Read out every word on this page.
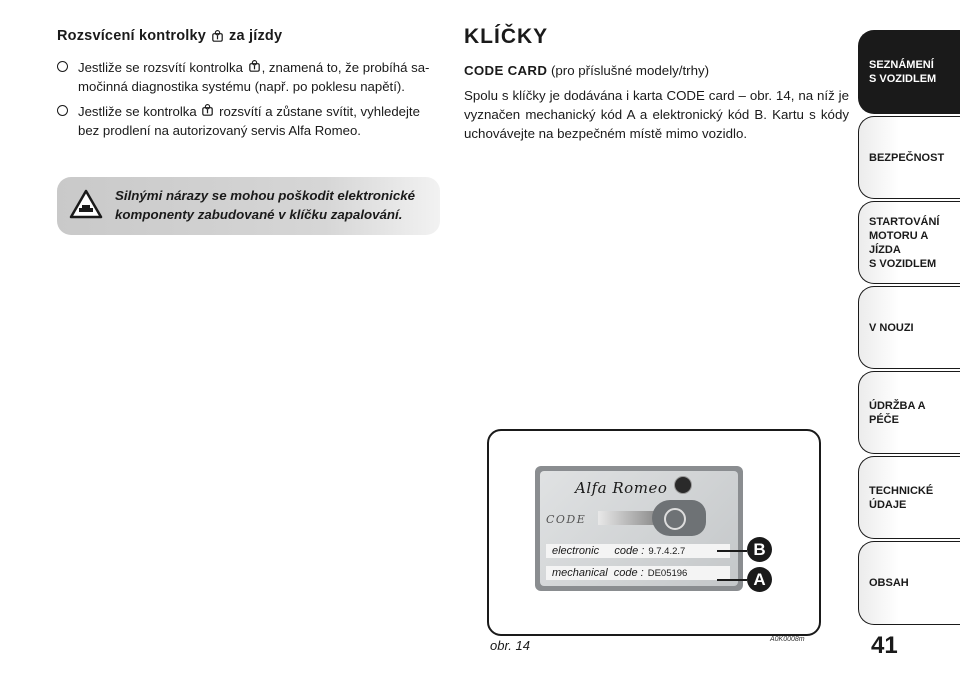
Rozsvícení kontrolky za jízdy
Jestliže se rozsvítí kontrolka , znamená to, že probíhá sa-močinná diagnostika systému (např. po poklesu napětí).
Jestliže se kontrolka rozsvítí a zůstane svítit, vyhledejte bez prodlení na autorizovaný servis Alfa Romeo.
Silnými nárazy se mohou poškodit elektronické komponenty zabudované v klíčku zapalování.
KLÍČKY
CODE CARD (pro příslušné modely/trhy)
Spolu s klíčky je dodávána i karta CODE card – obr. 14, na níž je vyznačen mechanický kód A a elektronický kód B. Kartu s kódy uchovávejte na bezpečném místě mimo vozidlo.
Alfa Romeo
CODE
electronic     code : 9.7.4.2.7
mechanical  code : DE05196
B
A
obr. 14	A0K0008m	41
SEZNÁMENÍ
S VOZIDLEM
BEZPEČNOST
STARTOVÁNÍ
MOTORU A JÍZDA
S VOZIDLEM
V NOUZI
ÚDRŽBA A PÉČE
TECHNICKÉ
ÚDAJE
OBSAH
